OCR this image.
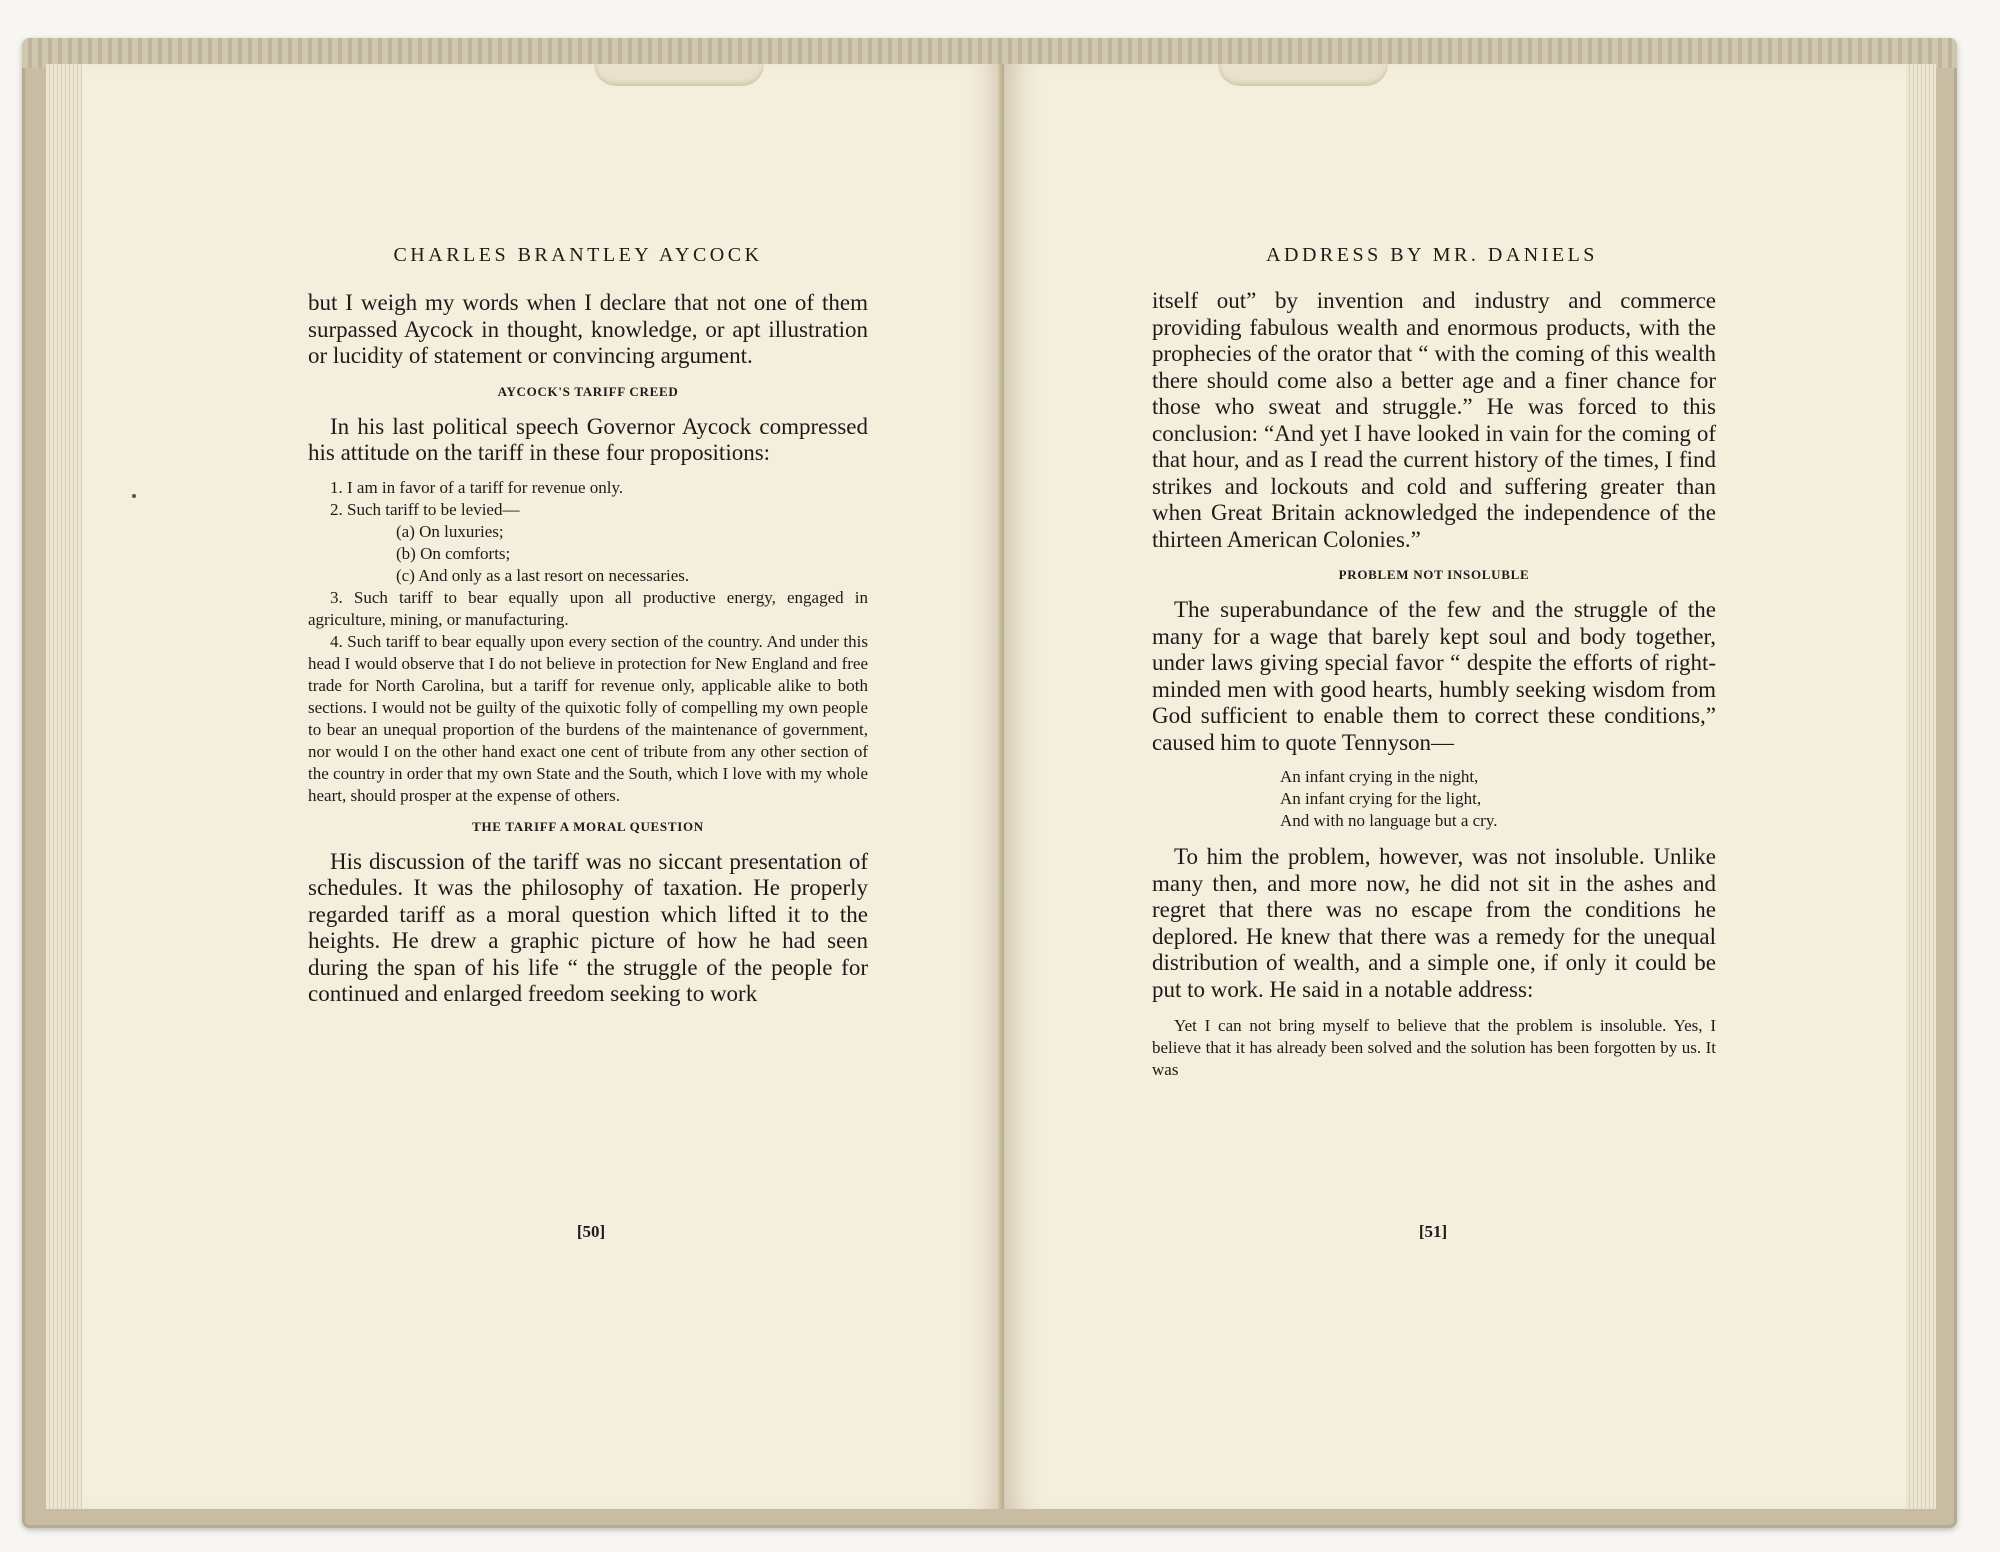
CHARLES BRANTLEY AYCOCK

but I weigh my words when I declare that not one of them surpassed Aycock in thought, knowledge, or apt illustration or lucidity of statement or convincing argument.

AYCOCK'S TARIFF CREED

In his last political speech Governor Aycock compressed his attitude on the tariff in these four propositions:

1. I am in favor of a tariff for revenue only.

2. Such tariff to be levied—

(a) On luxuries;

(b) On comforts;

(c) And only as a last resort on necessaries.

3. Such tariff to bear equally upon all productive energy, engaged in agriculture, mining, or manufacturing.

4. Such tariff to bear equally upon every section of the country. And under this head I would observe that I do not believe in protection for New England and free trade for North Carolina, but a tariff for revenue only, applicable alike to both sections. I would not be guilty of the quixotic folly of compelling my own people to bear an unequal proportion of the burdens of the maintenance of government, nor would I on the other hand exact one cent of tribute from any other section of the country in order that my own State and the South, which I love with my whole heart, should prosper at the expense of others.

THE TARIFF A MORAL QUESTION

His discussion of the tariff was no siccant presentation of schedules. It was the philosophy of taxation. He properly regarded tariff as a moral question which lifted it to the heights. He drew a graphic picture of how he had seen during the span of his life “ the struggle of the people for continued and enlarged freedom seeking to work

[50]
ADDRESS BY MR. DANIELS

itself out” by invention and industry and commerce providing fabulous wealth and enormous products, with the prophecies of the orator that “ with the coming of this wealth there should come also a better age and a finer chance for those who sweat and struggle.” He was forced to this conclusion: “And yet I have looked in vain for the coming of that hour, and as I read the current history of the times, I find strikes and lockouts and cold and suffering greater than when Great Britain acknowledged the independence of the thirteen American Colonies.”

PROBLEM NOT INSOLUBLE

The superabundance of the few and the struggle of the many for a wage that barely kept soul and body together, under laws giving special favor “ despite the efforts of right-minded men with good hearts, humbly seeking wisdom from God sufficient to enable them to correct these conditions,” caused him to quote Tennyson—

An infant crying in the night,

An infant crying for the light,

And with no language but a cry.

To him the problem, however, was not insoluble. Unlike many then, and more now, he did not sit in the ashes and regret that there was no escape from the conditions he deplored. He knew that there was a remedy for the unequal distribution of wealth, and a simple one, if only it could be put to work. He said in a notable address:

Yet I can not bring myself to believe that the problem is insoluble. Yes, I believe that it has already been solved and the solution has been forgotten by us. It was

[51]
